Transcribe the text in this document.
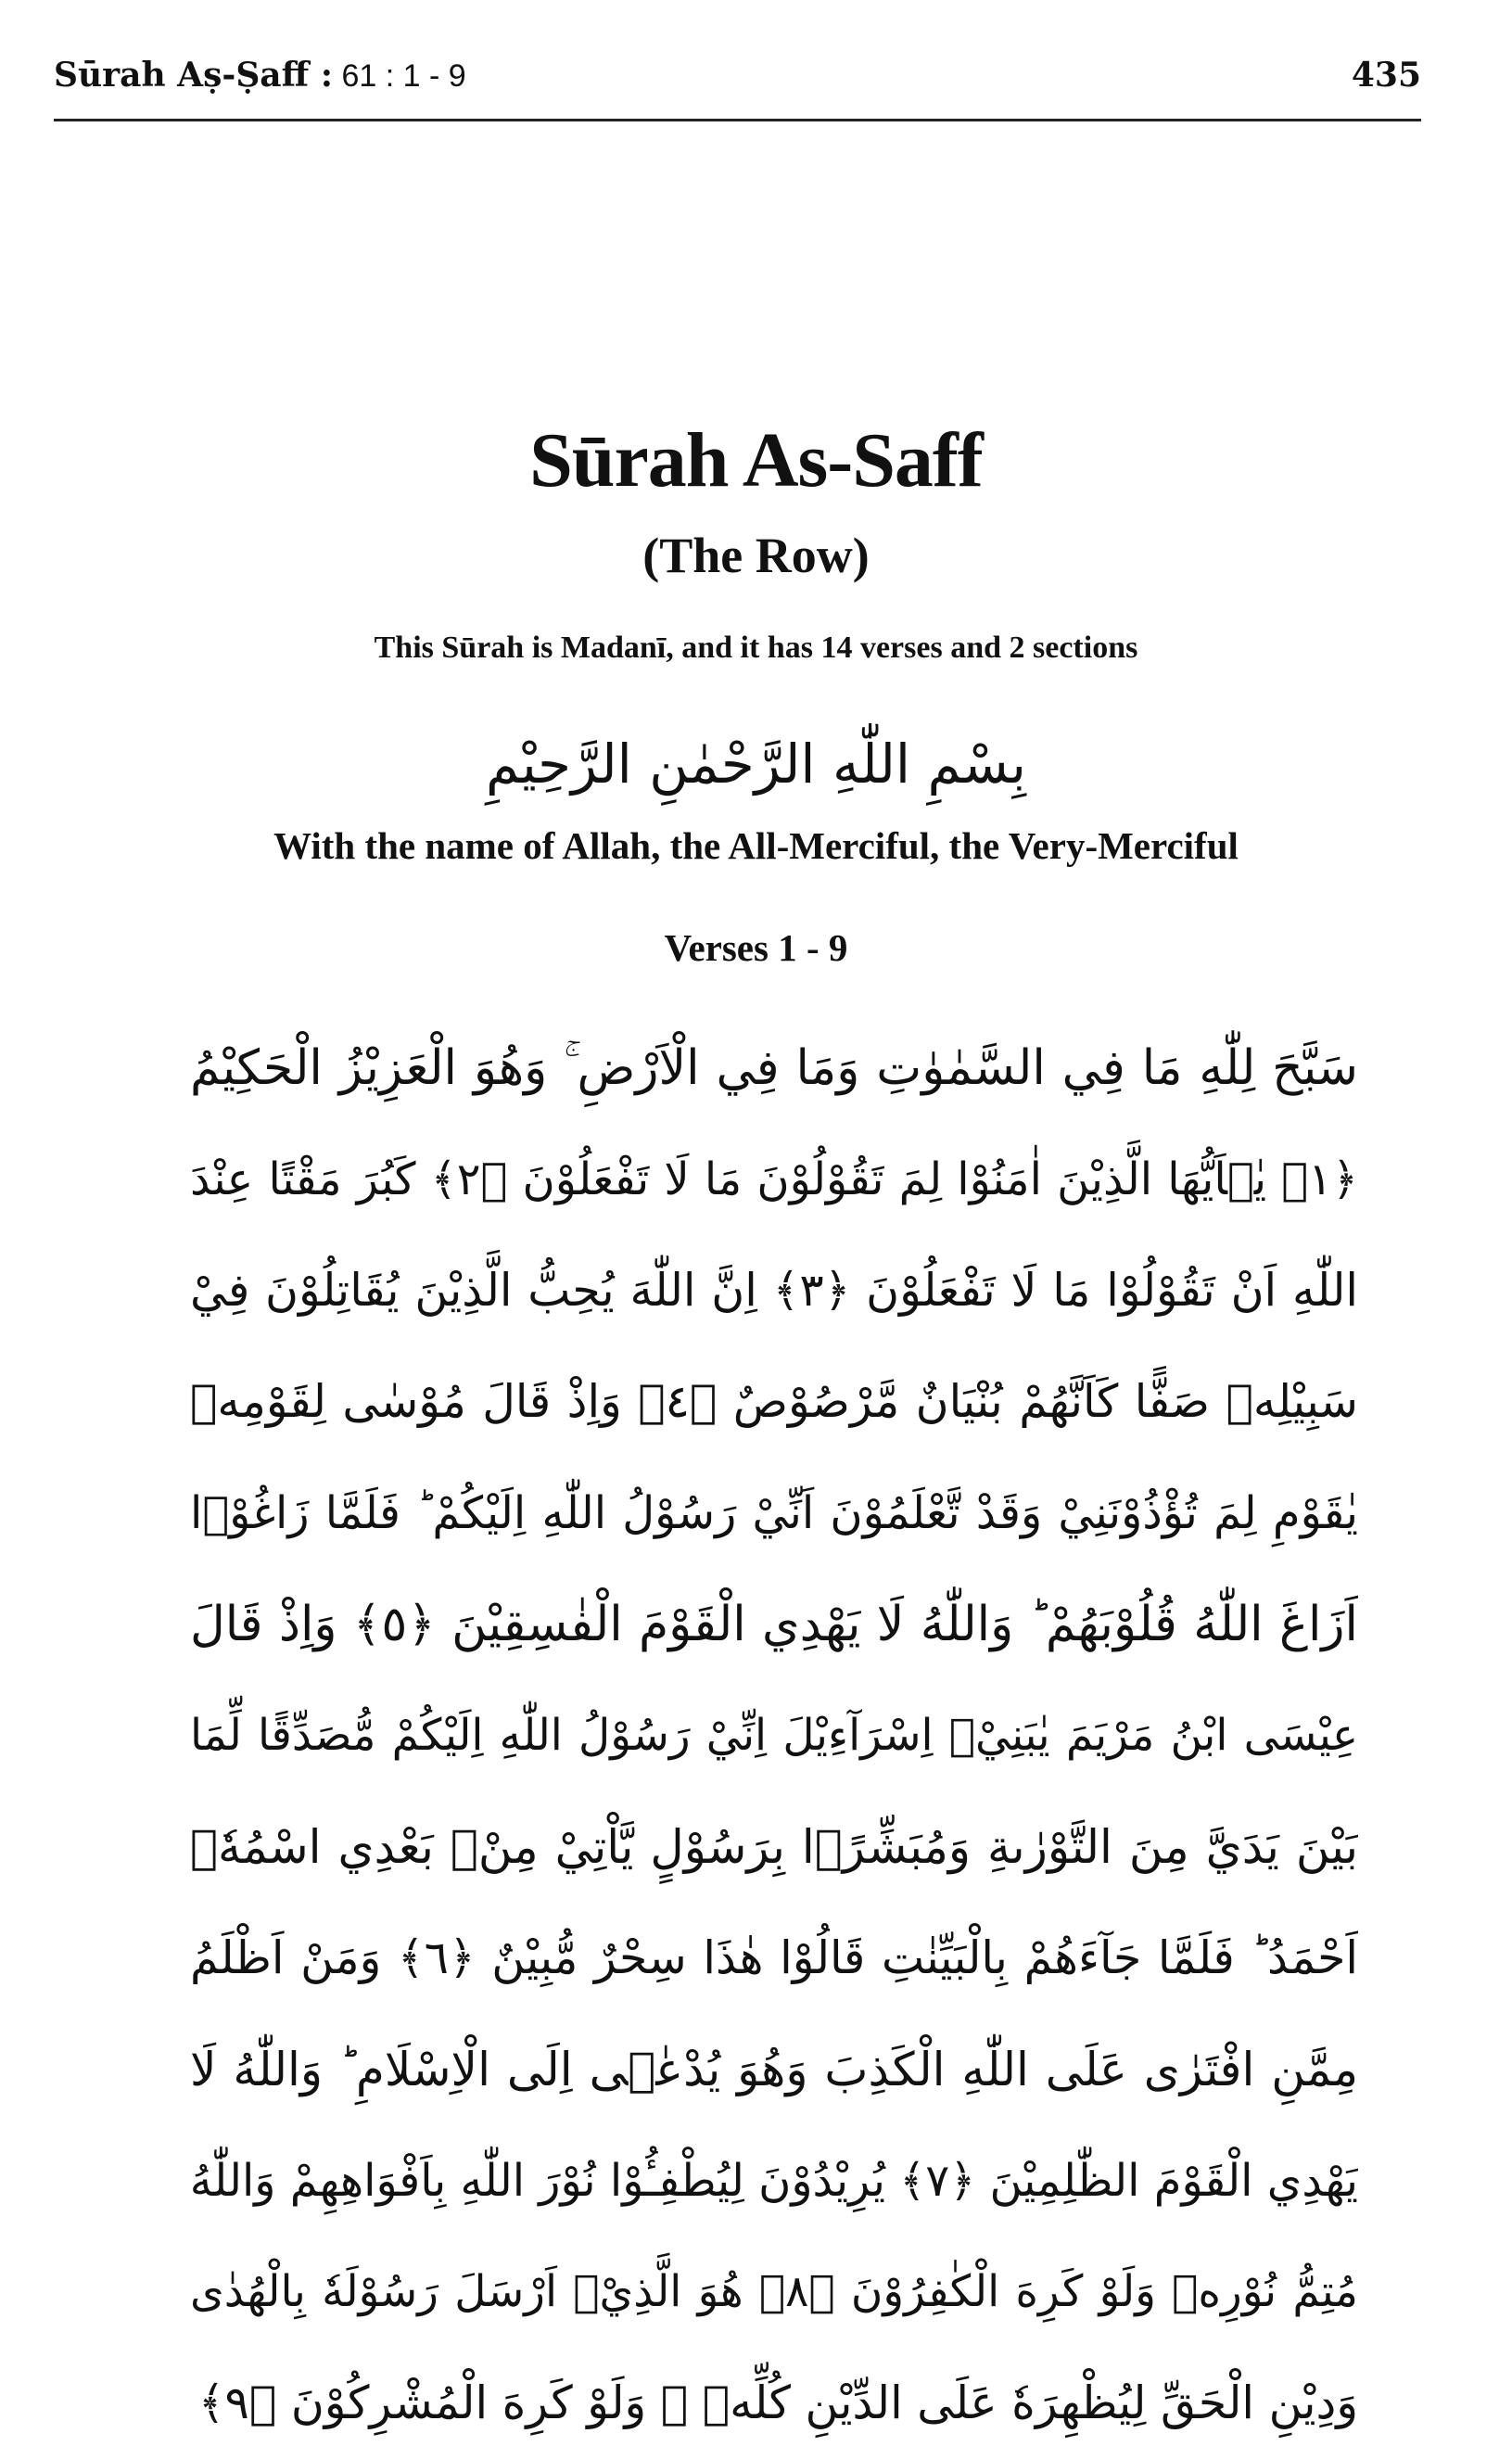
Sūrah Aṣ-Ṣaff : 61 : 1 - 9	435
Sūrah As-Saff
(The Row)
This Sūrah is Madanī, and it has 14 verses and 2 sections
بِسْمِ اللّٰهِ الرَّحْمٰنِ الرَّحِيْمِ
With the name of Allah, the All-Merciful, the Very-Merciful
Verses 1 - 9
سَبَّحَ لِلّٰهِ مَا فِي السَّمٰوٰتِ وَمَا فِي الْاَرْضِ ۚ وَهُوَ الْعَزِيْزُ الْحَكِيْمُ
﴿١﴾ يٰۤاَيُّهَا الَّذِيْنَ اٰمَنُوْا لِمَ تَقُوْلُوْنَ مَا لَا تَفْعَلُوْنَ ﴿٢﴾ كَبُرَ مَقْتًا عِنْدَ
اللّٰهِ اَنْ تَقُوْلُوْا مَا لَا تَفْعَلُوْنَ ﴿٣﴾ اِنَّ اللّٰهَ يُحِبُّ الَّذِيْنَ يُقَاتِلُوْنَ فِيْ
سَبِيْلِهٖ صَفًّا كَاَنَّهُمْ بُنْيَانٌ مَّرْصُوْصٌ ﴿٤﴾ وَاِذْ قَالَ مُوْسٰى لِقَوْمِهٖ
يٰقَوْمِ لِمَ تُؤْذُوْنَنِيْ وَقَدْ تَّعْلَمُوْنَ اَنِّيْ رَسُوْلُ اللّٰهِ اِلَيْكُمْ ؕ فَلَمَّا زَاغُوْۤا
اَزَاغَ اللّٰهُ قُلُوْبَهُمْ ؕ وَاللّٰهُ لَا يَهْدِي الْقَوْمَ الْفٰسِقِيْنَ ﴿٥﴾ وَاِذْ قَالَ
عِيْسَى ابْنُ مَرْيَمَ يٰبَنِيْۤ اِسْرَآءِيْلَ اِنِّيْ رَسُوْلُ اللّٰهِ اِلَيْكُمْ مُّصَدِّقًا لِّمَا
بَيْنَ يَدَيَّ مِنَ التَّوْرٰىةِ وَمُبَشِّرًۢا بِرَسُوْلٍ يَّاْتِيْ مِنْۢ بَعْدِي اسْمُهٗۤ
اَحْمَدُ ؕ فَلَمَّا جَآءَهُمْ بِالْبَيِّنٰتِ قَالُوْا هٰذَا سِحْرٌ مُّبِيْنٌ ﴿٦﴾ وَمَنْ اَظْلَمُ
مِمَّنِ افْتَرٰى عَلَى اللّٰهِ الْكَذِبَ وَهُوَ يُدْعٰۤى اِلَى الْاِسْلَامِ ؕ وَاللّٰهُ لَا
يَهْدِي الْقَوْمَ الظّٰلِمِيْنَ ﴿٧﴾ يُرِيْدُوْنَ لِيُطْفِـُٔوْا نُوْرَ اللّٰهِ بِاَفْوَاهِهِمْ وَاللّٰهُ
مُتِمُّ نُوْرِهٖ وَلَوْ كَرِهَ الْكٰفِرُوْنَ ﴿٨﴾ هُوَ الَّذِيْۤ اَرْسَلَ رَسُوْلَهٗ بِالْهُدٰى
وَدِيْنِ الْحَقِّ لِيُظْهِرَهٗ عَلَى الدِّيْنِ كُلِّهٖ ۙ وَلَوْ كَرِهَ الْمُشْرِكُوْنَ ﴿٩﴾
